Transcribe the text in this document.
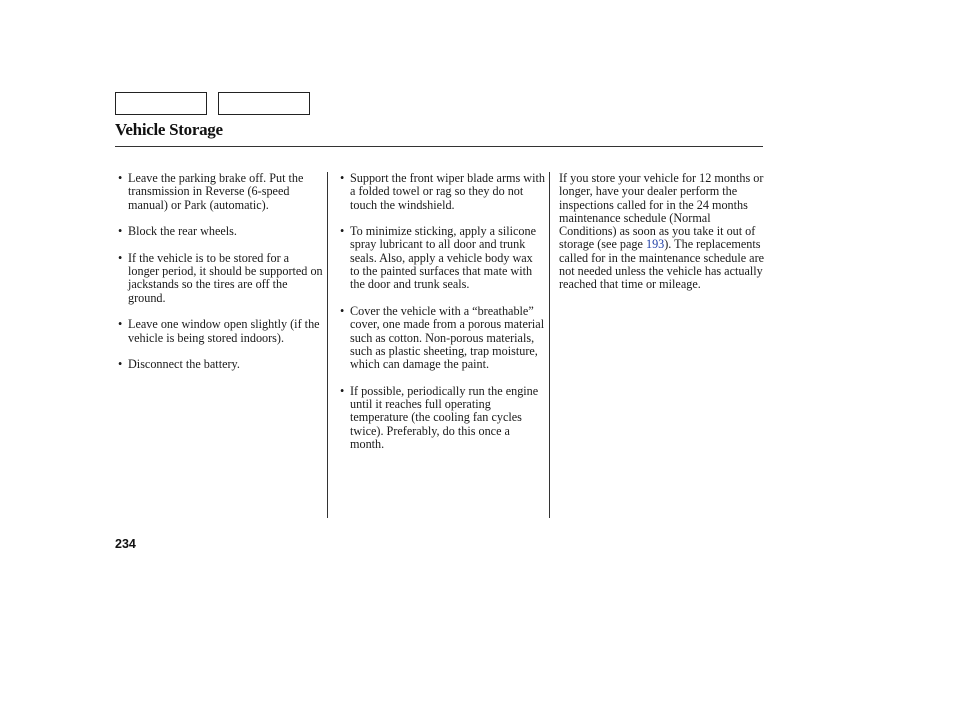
Vehicle Storage
• Leave the parking brake off. Put the transmission in Reverse (6-speed manual) or Park (automatic).
• Block the rear wheels.
• If the vehicle is to be stored for a longer period, it should be supported on jackstands so the tires are off the ground.
• Leave one window open slightly (if the vehicle is being stored indoors).
• Disconnect the battery.
• Support the front wiper blade arms with a folded towel or rag so they do not touch the windshield.
• To minimize sticking, apply a silicone spray lubricant to all door and trunk seals. Also, apply a vehicle body wax to the painted surfaces that mate with the door and trunk seals.
• Cover the vehicle with a “breathable” cover, one made from a porous material such as cotton. Non-porous materials, such as plastic sheeting, trap moisture, which can damage the paint.
• If possible, periodically run the engine until it reaches full operating temperature (the cooling fan cycles twice). Preferably, do this once a month.

If you store your vehicle for 12 months or longer, have your dealer perform the inspections called for in the 24 months maintenance schedule (Normal Conditions) as soon as you take it out of storage (see page 193). The replacements called for in the maintenance schedule are not needed unless the vehicle has actually reached that time or mileage.

234
